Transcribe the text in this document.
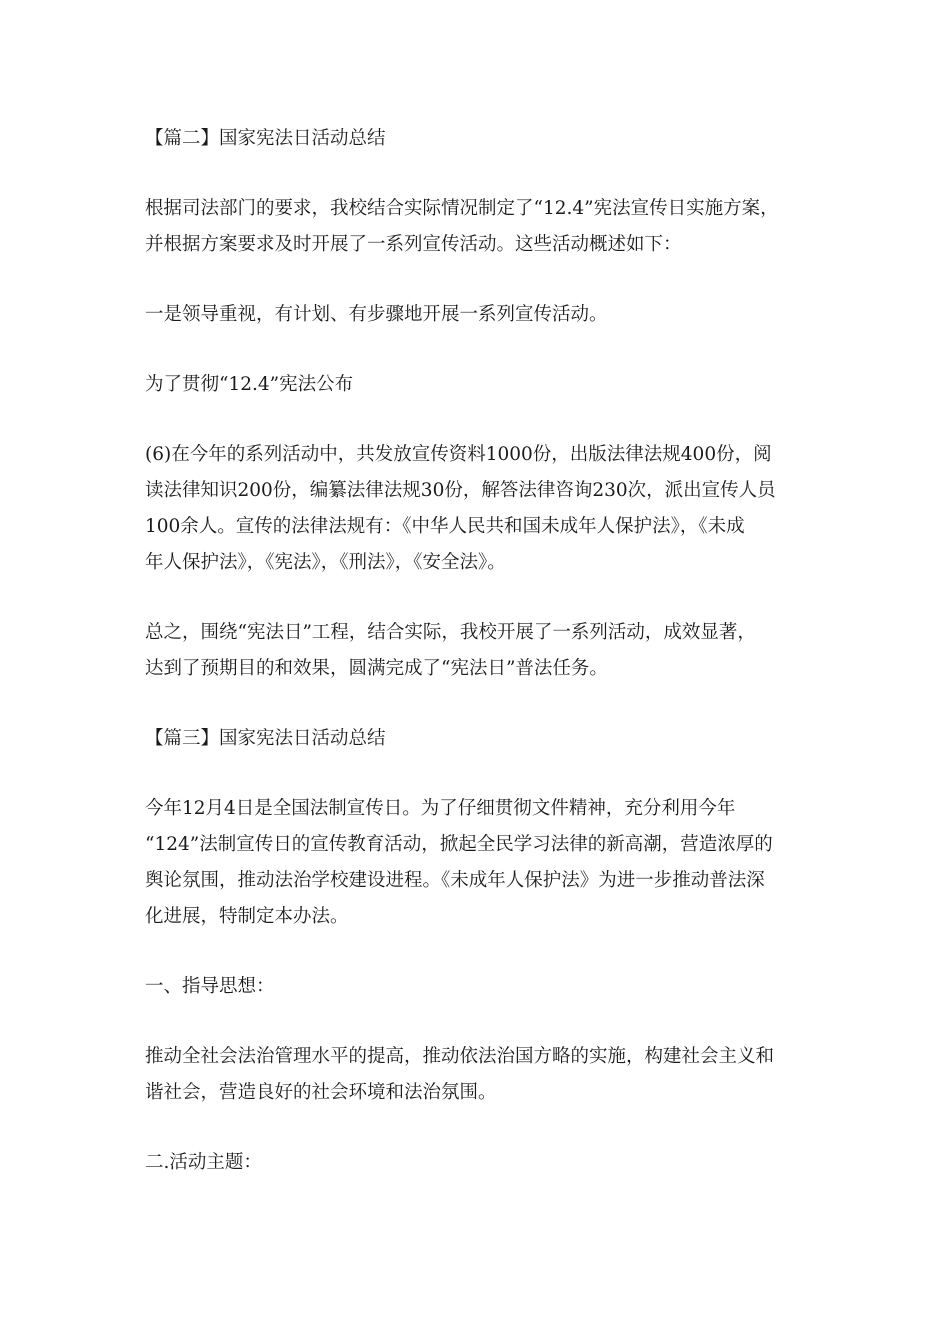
【篇二】国家宪法日活动总结
根据司法部门的要求，我校结合实际情况制定了“12.4”宪法宣传日实施方案，
并根据方案要求及时开展了一系列宣传活动。这些活动概述如下：
一是领导重视，有计划、有步骤地开展一系列宣传活动。
为了贯彻“12.4”宪法公布
(6)在今年的系列活动中，共发放宣传资料1000份，出版法律法规400份，阅
读法律知识200份，编纂法律法规30份，解答法律咨询230次，派出宣传人员
100余人。宣传的法律法规有：《中华人民共和国未成年人保护法》，《未成
年人保护法》，《宪法》，《刑法》，《安全法》。
总之，围绕“宪法日”工程，结合实际，我校开展了一系列活动，成效显著，
达到了预期目的和效果，圆满完成了“宪法日”普法任务。
【篇三】国家宪法日活动总结
今年12月4日是全国法制宣传日。为了仔细贯彻文件精神，充分利用今年
“124”法制宣传日的宣传教育活动，掀起全民学习法律的新高潮，营造浓厚的
舆论氛围，推动法治学校建设进程。《未成年人保护法》为进一步推动普法深
化进展，特制定本办法。
一、指导思想：
推动全社会法治管理水平的提高，推动依法治国方略的实施，构建社会主义和
谐社会，营造良好的社会环境和法治氛围。
二.活动主题：
